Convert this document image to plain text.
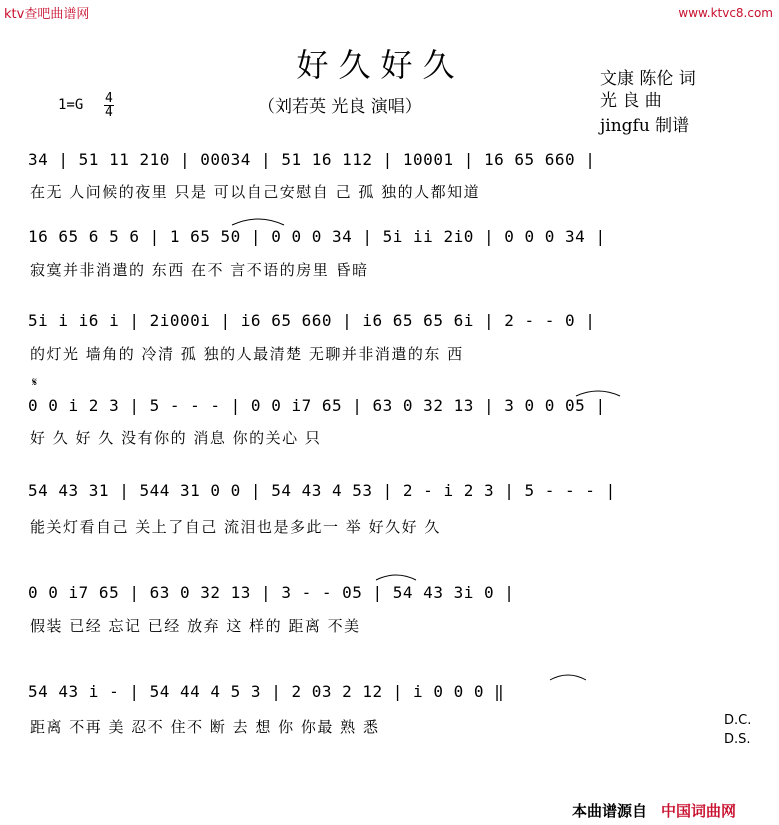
ktv查吧曲谱网	www.ktvc8.com
好久好久
（刘若英 光良 演唱）
文康 陈伦 词
光 良 曲
jingfu 制谱
1=G 4
4
34 | 51 11 210 | 00034 | 51 16 112 | 10001 | 16 65 660 |
在无 人问候的夜里 只是 可以自己安慰自 己 孤 独的人都知道
16 65 6 5 6 | 1 65 50 | 0 0 0 34 | 5i ii 2i0 | 0 0 0 34 |
寂寞并非消遣的 东西 在不 言不语的房里 昏暗
5i i i6 i | 2i000i | i6 65 660 | i6 65 65 6i | 2 - - 0 |
的灯光 墙角的 冷清 孤 独的人最清楚 无聊并非消遣的东 西
𝄋
0 0 i 2 3 | 5 - - - | 0 0 i7 65 | 63 0 32 13 | 3 0 0 05 |
好 久 好 久 没有你的 消息 你的关心 只
54 43 31 | 544 31 0 0 | 54 43 4 53 | 2 - i 2 3 | 5 - - - |
能关灯看自己 关上了自己 流泪也是多此一 举 好久好 久
0 0 i7 65 | 63 0 32 13 | 3 - - 05 | 54 43 3i 0 |
假装 已经 忘记 已经 放弃 这 样的 距离 不美
54 43 i - | 54 44 4 5 3 | 2 03 2 12 | i 0 0 0 ‖
距离 不再 美 忍不 住不 断 去 想 你 你最 熟 悉	D.C.
D.S.
本曲谱源自 中国词曲网
